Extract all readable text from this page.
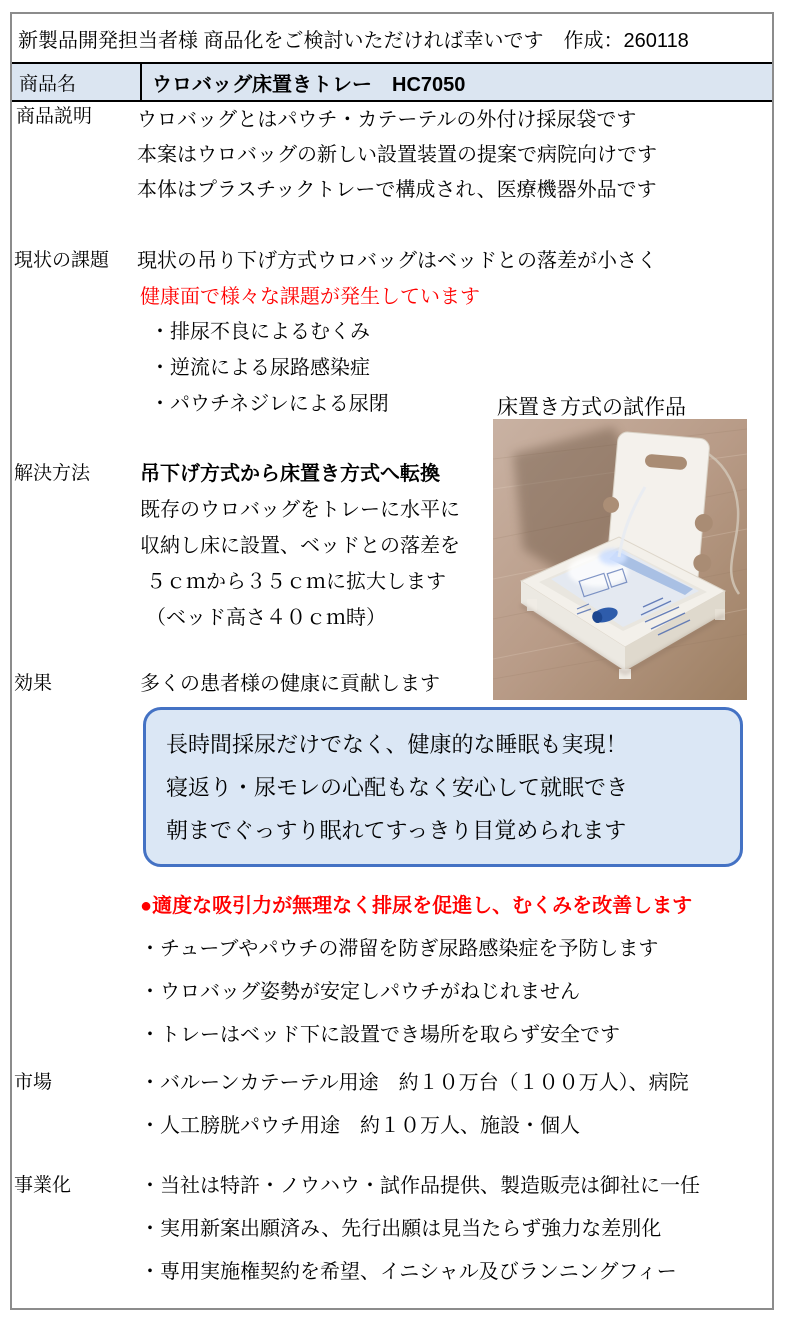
新製品開発担当者様 商品化をご検討いただければ幸いです　作成：260118
商品名	ウロバッグ床置きトレー　HC7050
商品説明 ウロバッグとはパウチ・カテーテルの外付け採尿袋です
本案はウロバッグの新しい設置装置の提案で病院向けです
本体はプラスチックトレーで構成され、医療機器外品です
現状の課題 現状の吊り下げ方式ウロバッグはベッドとの落差が小さく
健康面で様々な課題が発生しています
・排尿不良によるむくみ
・逆流による尿路感染症
・パウチネジレによる尿閉	床置き方式の試作品
解決方法 吊下げ方式から床置き方式へ転換
既存のウロバッグをトレーに水平に
収納し床に設置、ベッドとの落差を
５ｃｍから３５ｃｍに拡大します
（ベッド高さ４０ｃｍ時）
効果	多くの患者様の健康に貢献します
長時間採尿だけでなく、健康的な睡眠も実現！
寝返り・尿モレの心配もなく安心して就眠でき
朝までぐっすり眠れてすっきり目覚められます
●適度な吸引力が無理なく排尿を促進し、むくみを改善します
・チューブやパウチの滞留を防ぎ尿路感染症を予防します
・ウロバッグ姿勢が安定しパウチがねじれません
・トレーはベッド下に設置でき場所を取らず安全です
市場	・バルーンカテーテル用途　約１０万台（１００万人）、病院
・人工膀胱パウチ用途　約１０万人、施設・個人
事業化	・当社は特許・ノウハウ・試作品提供、製造販売は御社に一任
・実用新案出願済み、先行出願は見当たらず強力な差別化
・専用実施権契約を希望、イニシャル及びランニングフィー
